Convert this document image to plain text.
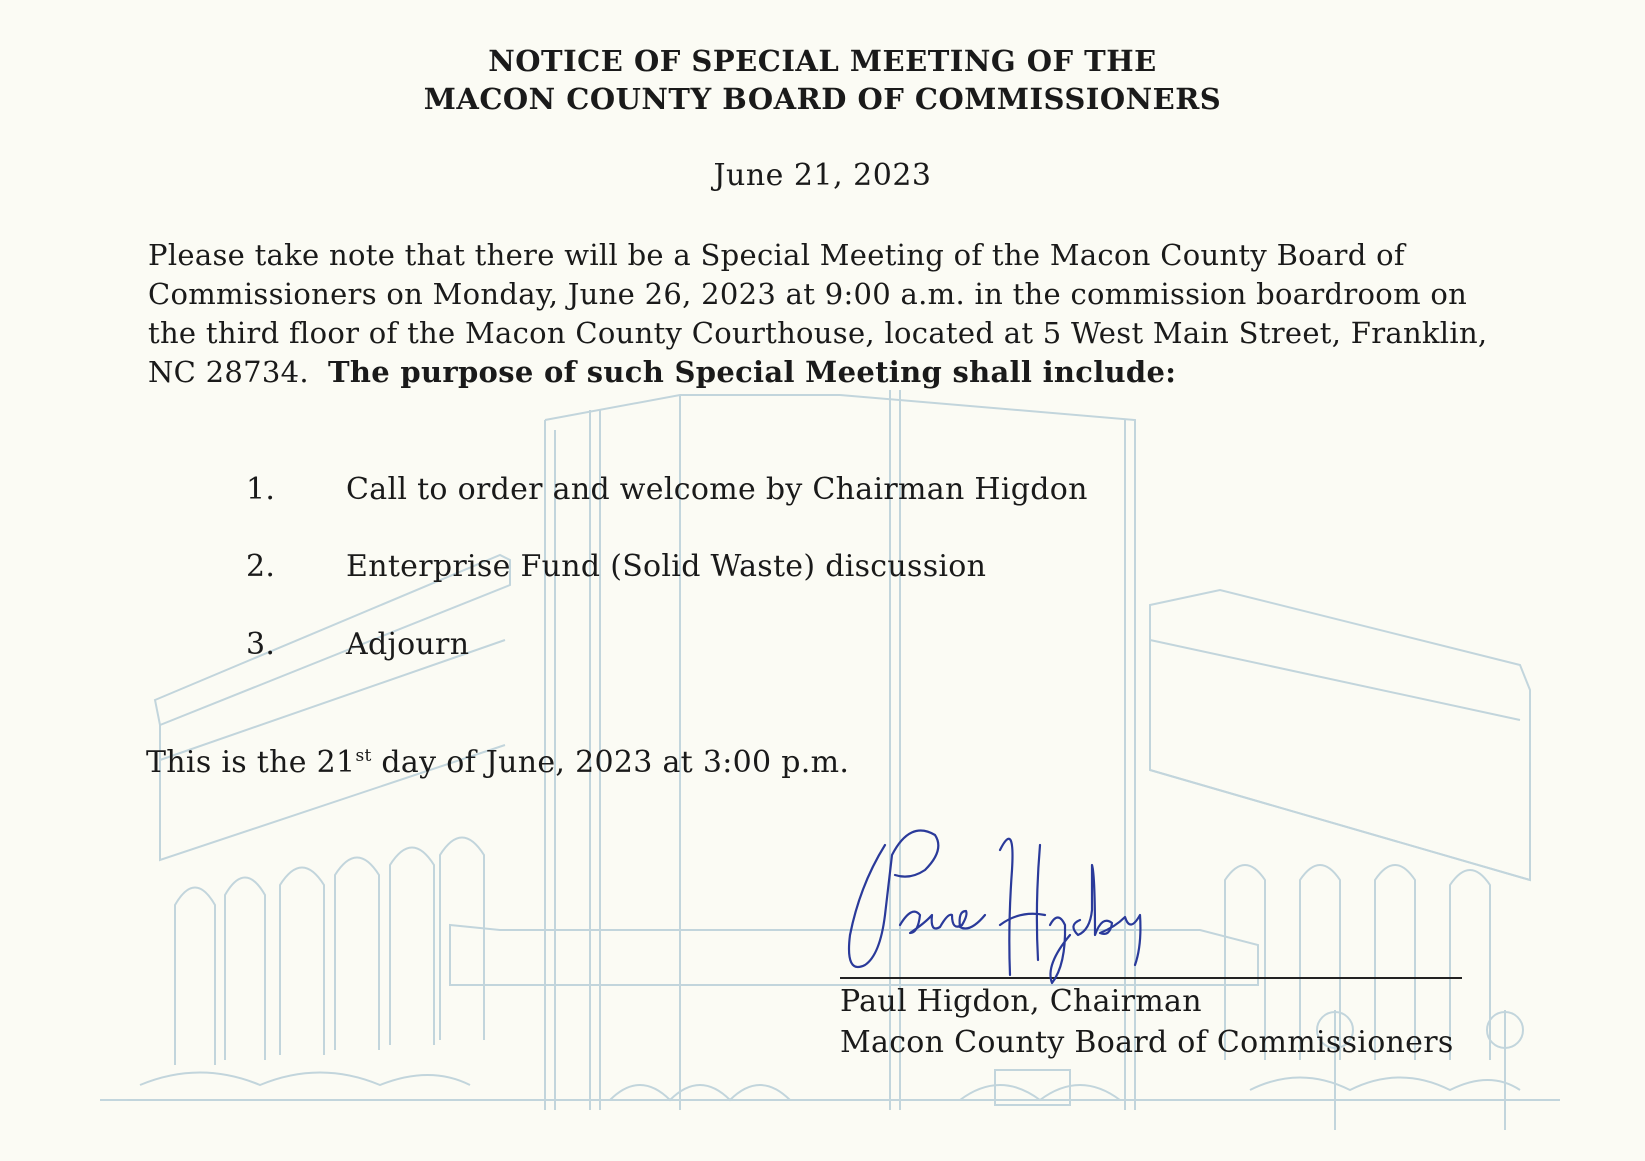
NOTICE OF SPECIAL MEETING OF THE
MACON COUNTY BOARD OF COMMISSIONERS
June 21, 2023

Please take note that there will be a Special Meeting of the Macon County Board of Commissioners on Monday, June 26, 2023 at 9:00 a.m. in the commission boardroom on the third floor of the Macon County Courthouse, located at 5 West Main Street, Franklin, NC 28734. The purpose of such Special Meeting shall include:

1. Call to order and welcome by Chairman Higdon
2. Enterprise Fund (Solid Waste) discussion
3. Adjourn
This is the 21st day of June, 2023 at 3:00 p.m.
Paul Higdon, Chairman
Macon County Board of Commissioners
